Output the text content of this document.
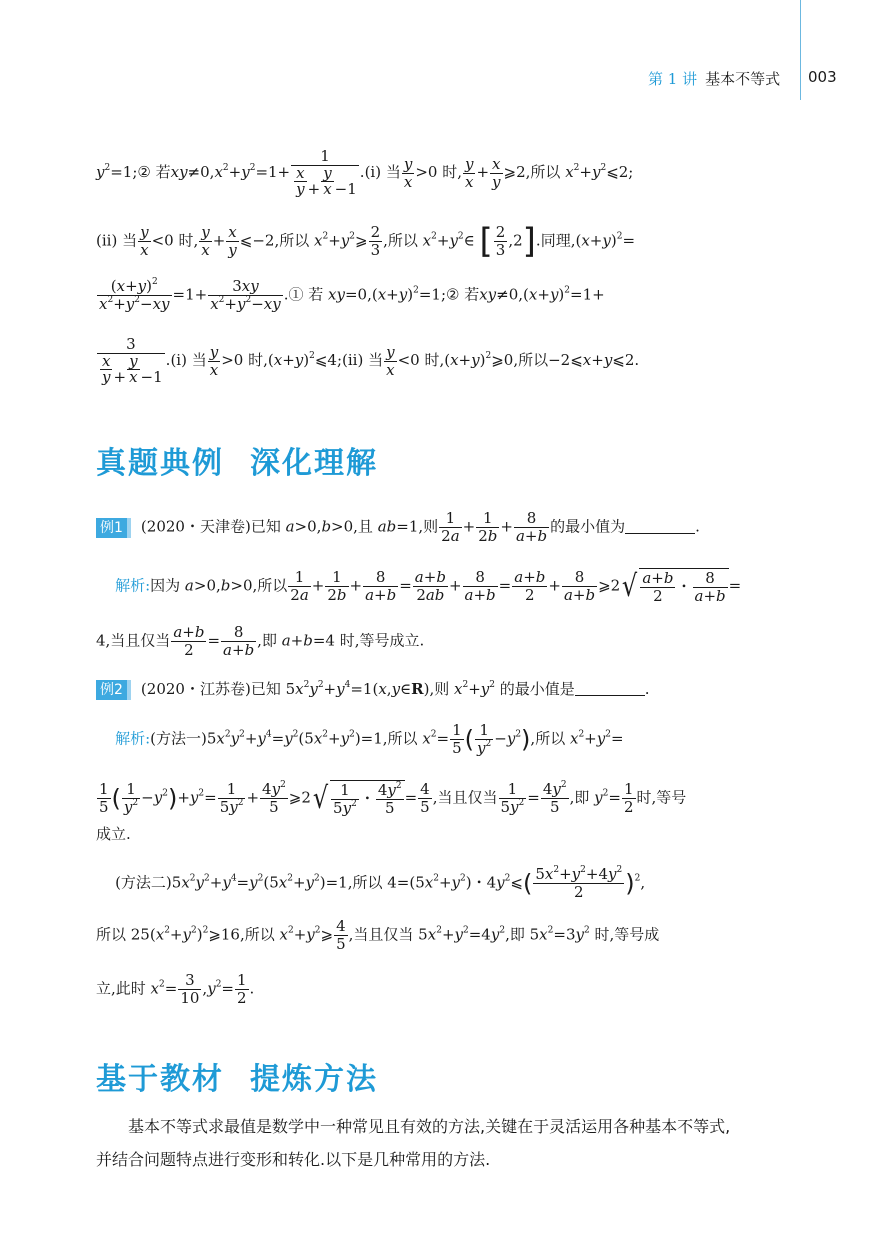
第 1 讲 基本不等式 003
$y^2=1;②$ 若$xy\ne 0,x^2+y^2=1+ \frac{1}{\frac{x}{y} + \frac{y}{x} -1} .(i)$ 当 $\frac{y}{x} >0$ 时, $\frac{y}{x} + \frac{x}{y}$ ⩾2,所以 $x^2+y^2⩽2$;
(ii) 当 $\frac{y}{x} <0$ 时, $\frac{y}{x} + \frac{x}{y}$ ⩽−2,所以 $x^2+y^2⩾ \frac{2}{3}$ ,所以 $x^2+y^2\in$ [ $\frac{2}{3} ,2$].同理$,(x+y)^2=$
$\frac{(x+y)^2}{x^2+y^2-xy} =1+ \frac{3xy}{x^2+y^2-xy}$ .① 若 $xy=0,(x+y)^2=1;②$ 若$xy\ne 0,(x+y)^2=1+$
$\frac{3}{\frac{x}{y} + \frac{y}{x} -1} .(i)$ 当 $\frac{y}{x} >0$ 时$,(x+y)^2⩽4;(ii)$ 当 $\frac{y}{x} <0$ 时$,(x+y)^2⩾0$,所以−2⩽x+y⩽2.
真题典例 深化理解
例1 (2020・天津卷)已知 a>0,b>0,且 ab=1,则 $\frac{1}{2a} + \frac{1}{2b} + \frac{8}{a+b}$ 的最小值为	.
解析:因为 a>0,b>0,所以 $\frac{1}{2a} + \frac{1}{2b} + \frac{8}{a+b} = \frac{a+b}{2ab} + \frac{8}{a+b} = \frac{a+b}{2} + \frac{8}{a+b}$ ⩾2√ $\frac{a+b}{2}$ ・ $\frac{8}{a+b}$ =
4,当且仅当 $\frac{a+b}{2} = \frac{8}{a+b}$ ,即 a+b=4 时,等号成立.
例2 (2020・江苏卷)已知 $5x^2y^2+y^4=1(x,y\in R)$,则 $x^2+y^2$ 的最小值是	.
解析:(方法一)$5x^2y^2+y^4=y^2(5x^2+y^2)=1$,所以 $x^2= \frac{1}{5}$ ( $\frac{1}{y^2} -y^2$),所以 $x^2+y^2=$
$\frac{1}{5}$ ( $\frac{1}{y^2} -y^2)+y^2= \frac{1}{5y^2} + \frac{4y^2}{5}$ ⩾2√ $\frac{1}{5y^2}$ ・ $\frac{4y^2}{5} = \frac{4}{5}$ ,当且仅当 $\frac{1}{5y^2} = \frac{4y^2}{5}$ ,即 $y^2= \frac{1}{2}$ 时,等号
成立.
(方法二)$5x^2y^2+y^4=y^2(5x^2+y^2)=1$,所以 $4=(5x^2+y^2)$・$4y^2⩽( \frac{5x^2+y^2+4y^2}{2} )^2$,
所以 $25(x^2+y^2)^2⩾16$,所以 $x^2+y^2⩾ \frac{4}{5}$ ,当且仅当 $5x^2+y^2=4y^2$,即 $5x^2=3y^2$ 时,等号成
立,此时 $x^2= \frac{3}{10} ,y^2= \frac{1}{2}$ .
基于教材 提炼方法

基本不等式求最值是数学中一种常见且有效的方法,关键在于灵活运用各种基本不等式,

并结合问题特点进行变形和转化.以下是几种常用的方法.
